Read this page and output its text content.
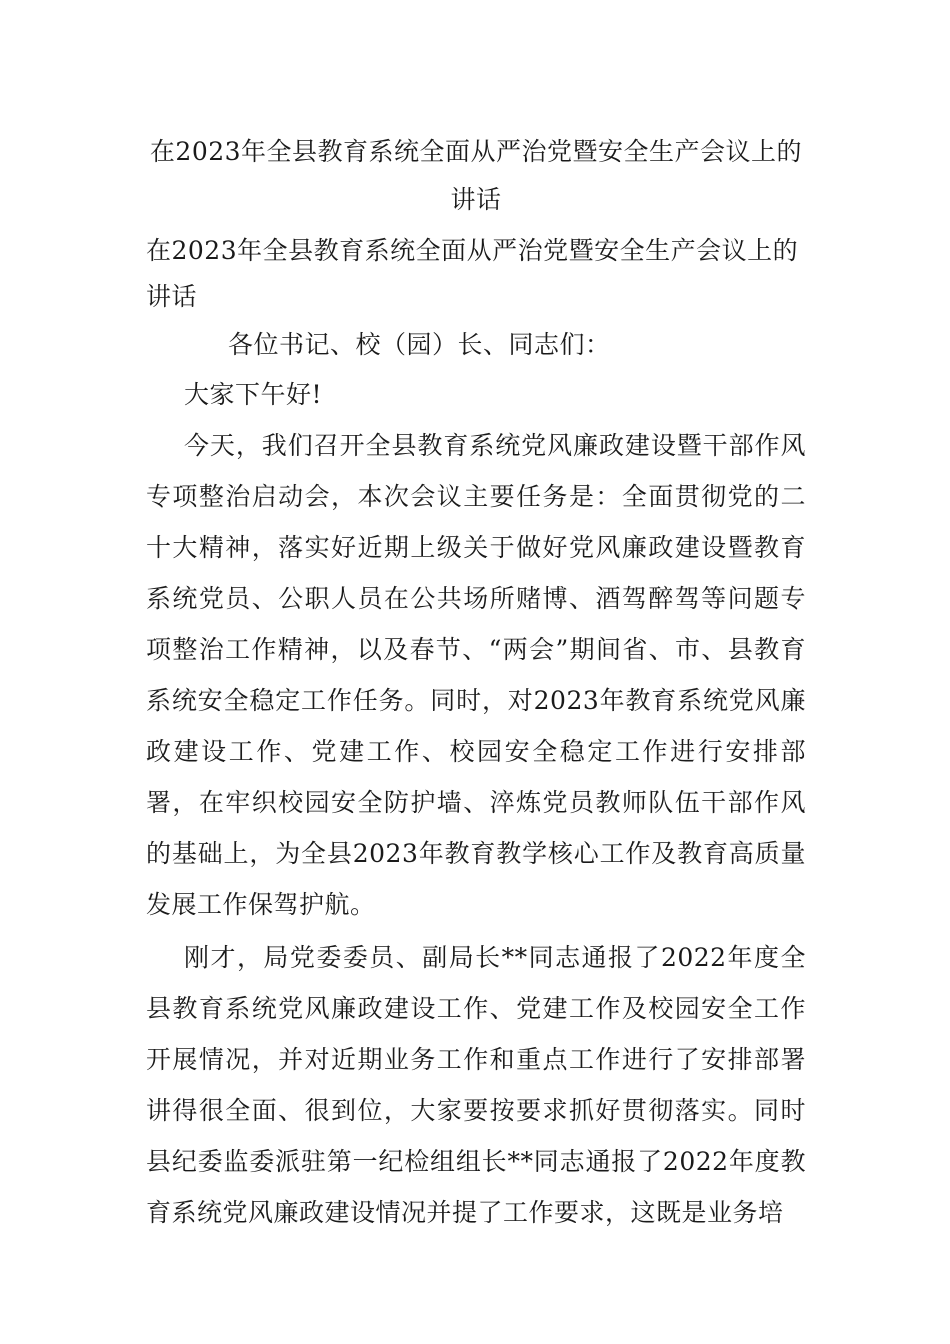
在2023年全县教育系统全面从严治党暨安全生产会议上的讲话
在2023年全县教育系统全面从严治党暨安全生产会议上的讲话

各位书记、校（园）长、同志们：

大家下午好!

今天，我们召开全县教育系统党风廉政建设暨干部作风专项整治启动会，本次会议主要任务是：全面贯彻党的二十大精神，落实好近期上级关于做好党风廉政建设暨教育系统党员、公职人员在公共场所赌博、酒驾醉驾等问题专项整治工作精神，以及春节、“两会”期间省、市、县教育系统安全稳定工作任务。同时，对2023年教育系统党风廉政建设工作、党建工作、校园安全稳定工作进行安排部署，在牢织校园安全防护墙、淬炼党员教师队伍干部作风的基础上，为全县2023年教育教学核心工作及教育高质量发展工作保驾护航。

刚才，局党委委员、副局长**同志通报了2022年度全县教育系统党风廉政建设工作、党建工作及校园安全工作开展情况，并对近期业务工作和重点工作进行了安排部署讲得很全面、很到位，大家要按要求抓好贯彻落实。同时县纪委监委派驻第一纪检组组长**同志通报了2022年度教育系统党风廉政建设情况并提了工作要求，这既是业务培
